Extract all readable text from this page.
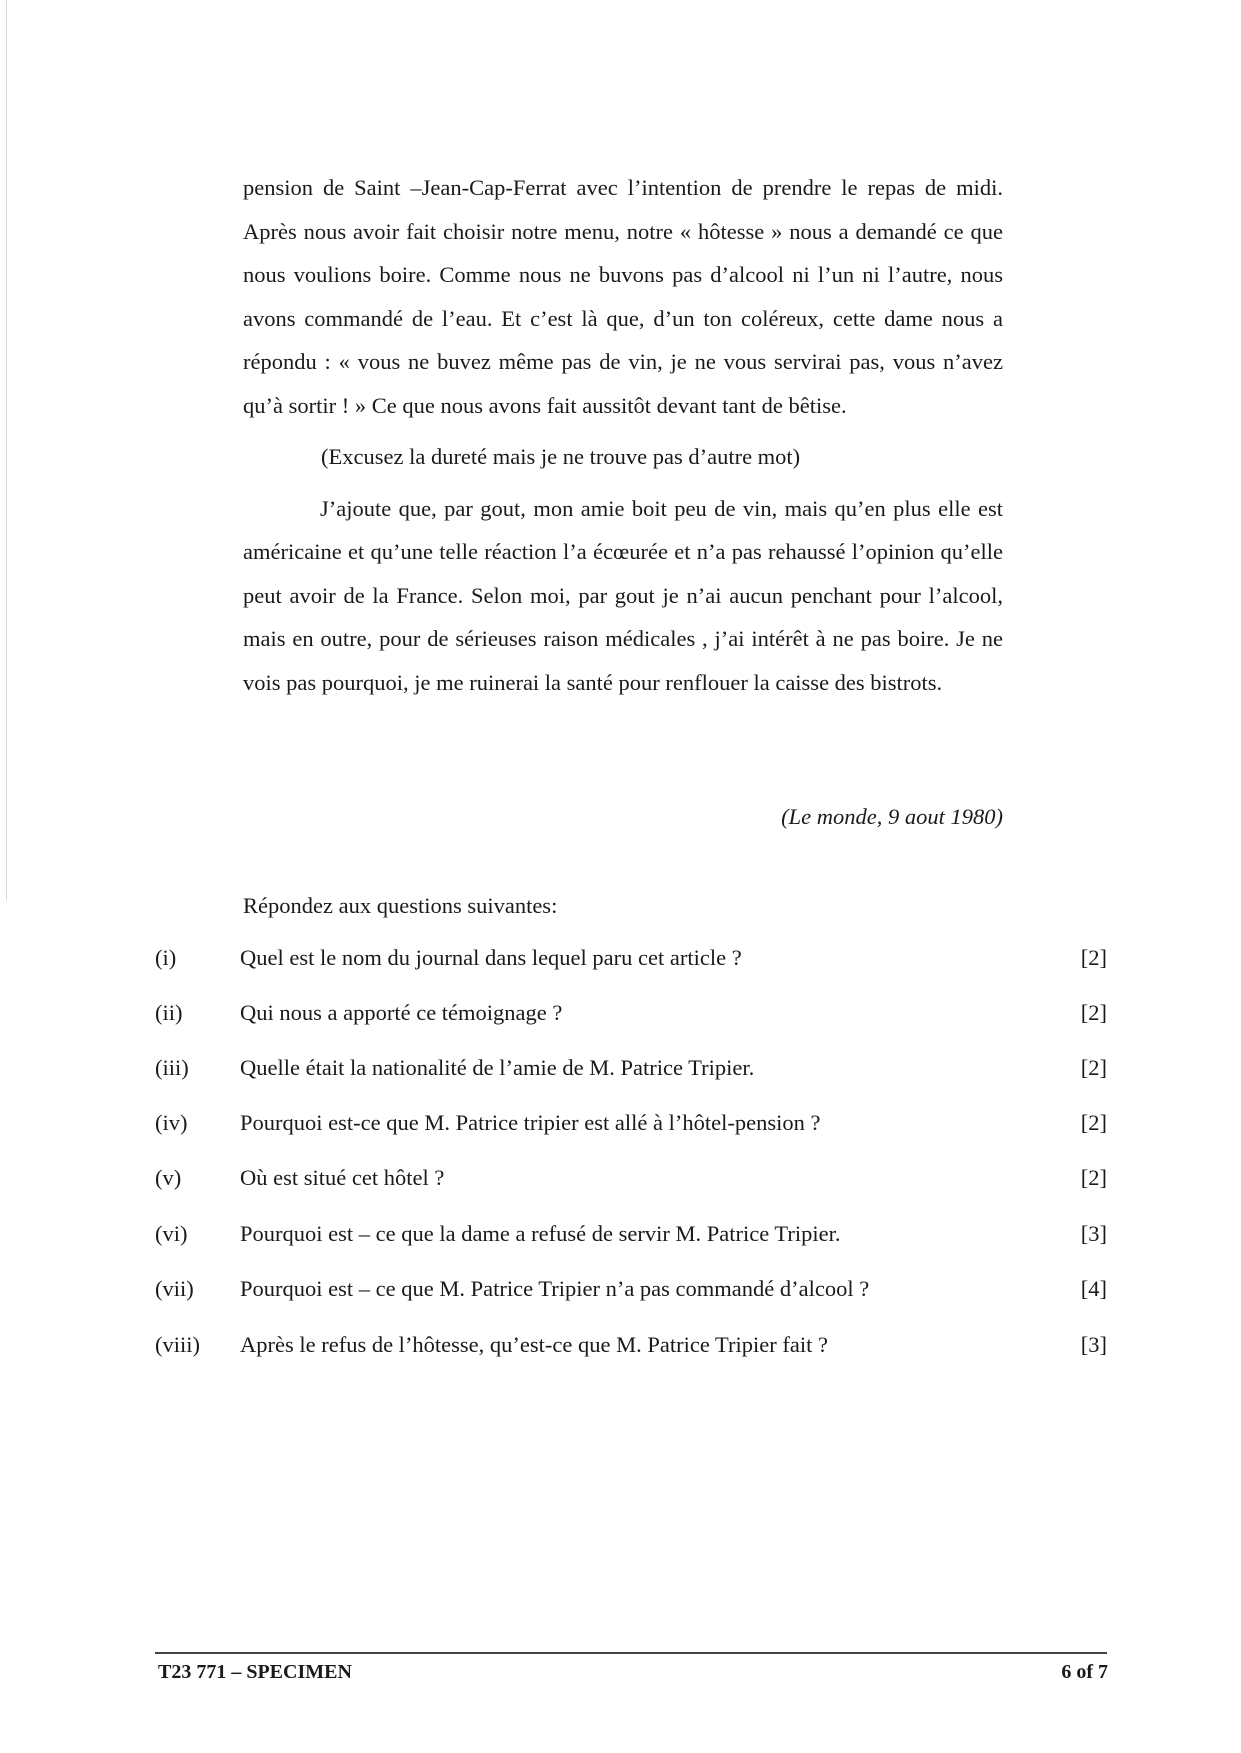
pension de Saint –Jean-Cap-Ferrat avec l’intention de prendre le repas de midi. Après nous avoir fait choisir notre menu, notre « hôtesse » nous a demandé ce que nous voulions boire. Comme nous ne buvons pas d’alcool ni l’un ni l’autre, nous avons commandé de l’eau. Et c’est là que, d’un ton coléreux, cette dame nous a répondu : « vous ne buvez même pas de vin, je ne vous servirai pas, vous n’avez qu’à sortir ! » Ce que nous avons fait aussitôt devant tant de bêtise.

(Excusez la dureté mais je ne trouve pas d’autre mot)

J’ajoute que, par gout, mon amie boit peu de vin, mais qu’en plus elle est américaine et qu’une telle réaction l’a écœurée et n’a pas rehaussé l’opinion qu’elle peut avoir de la France. Selon moi, par gout je n’ai aucun penchant pour l’alcool, mais en outre, pour de sérieuses raison médicales , j’ai intérêt à ne pas boire. Je ne vois pas pourquoi, je me ruinerai la santé pour renflouer la caisse des bistrots.

(Le monde, 9 aout 1980)
Répondez aux questions suivantes:
(i)	Quel est le nom du journal dans lequel paru cet article ?	[2]
(ii)	Qui nous a apporté ce témoignage ?	[2]
(iii) Quelle était la nationalité de l’amie de M. Patrice Tripier.	[2]
(iv) Pourquoi est-ce que M. Patrice tripier est allé à l’hôtel-pension ?	[2]
(v)	Où est situé cet hôtel ?	[2]
(vi) Pourquoi est – ce que la dame a refusé de servir M. Patrice Tripier.	[3]
(vii) Pourquoi est – ce que M. Patrice Tripier n’a pas commandé d’alcool ?	[4]
(viii) Après le refus de l’hôtesse, qu’est-ce que M. Patrice Tripier fait ?	[3]
T23 771 – SPECIMEN	6 of 7
